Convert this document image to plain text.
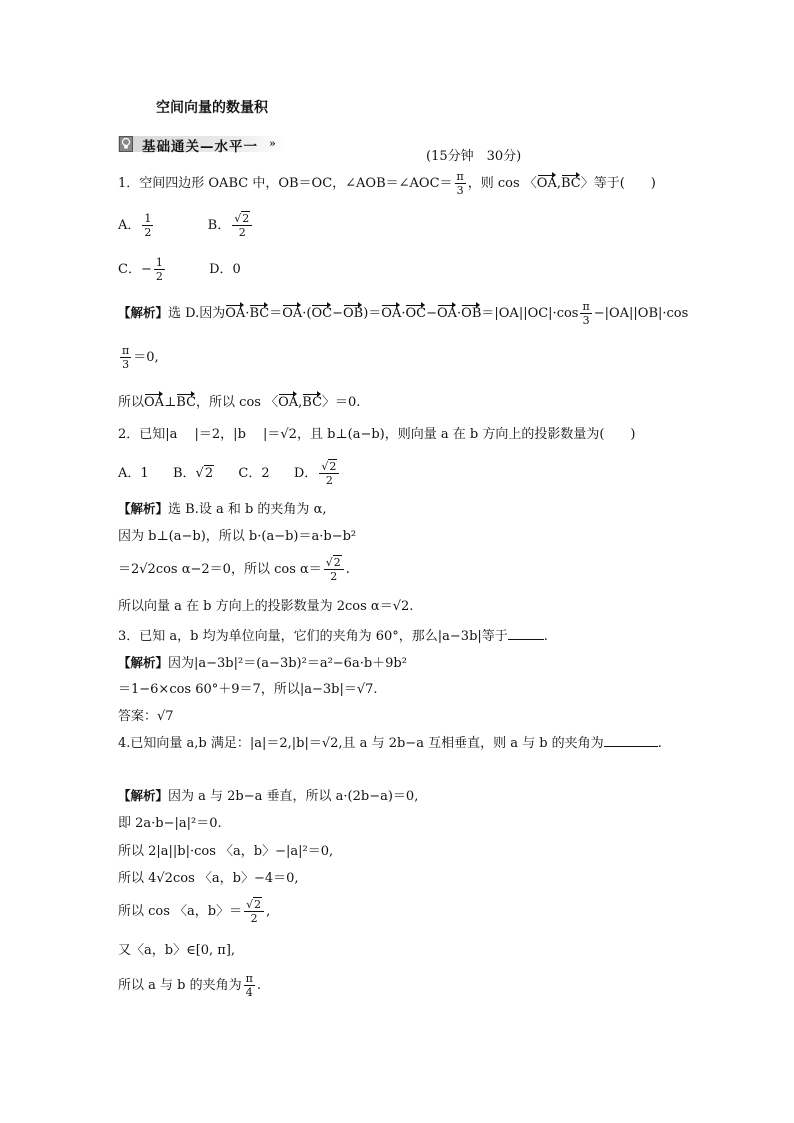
空间向量的数量积
基础通关—水平一 »
(15分钟　30分)
1．空间四边形 OABC 中，OB＝OC，∠AOB＝∠AOC＝ $\frac{\pi}{3}$ ，则 cos 〈OA,BC〉等于(　　)
A． $\frac{1}{2}$	B． $\frac{√2}{2}$
C．− $\frac{1}{2}$	D．0
【解析】选 D.因为$OA\cdot BC=OA\cdot(OC-OB)=OA\cdot OC-OA\cdot OB=|OA||OC|\cdot\cos \frac{\pi}{3} -|OA||OB|\cdot\cos$
$\frac{\pi}{3} =0$,
所以OA⊥BC，所以 cos 〈OA,BC〉＝0.
2．已知|a　 |＝2，|b　 |＝√2，且 b⊥(a−b)，则向量 a 在 b 方向上的投影数量为(　　)
A．1 B．√2 C．2 D． $\frac{√2}{2}$
【解析】选 B.设 a 和 b 的夹角为 α,
因为 b⊥(a−b)，所以 b·(a−b)＝a·b−b²
＝2√2cos α−2＝0，所以 $\cos \alpha= \frac{√2}{2}$ .
所以向量 a 在 b 方向上的投影数量为 2cos α＝√2.
3．已知 a，b 均为单位向量，它们的夹角为 60°，那么|a−3b|等于	.
【解析】因为|a−3b|²＝(a−3b)²＝a²−6a·b＋9b²
＝1−6×cos 60°＋9＝7，所以|a−3b|＝√7.
答案：√7
4.已知向量 a,b 满足：|a|＝2,|b|＝√2,且 a 与 2b−a 互相垂直，则 a 与 b 的夹角为	.
【解析】因为 a 与 2b−a 垂直，所以 a·(2b−a)＝0,
即 2a·b−|a|²＝0.
所以 2|a||b|·cos 〈a，b〉−|a|²＝0,
所以 4√2cos 〈a，b〉−4＝0,
所以 cos 〈a，b〉＝ $\frac{√2}{2}$ ,
又〈a，b〉∈[0, π],
所以 a 与 b 的夹角为 $\frac{\pi}{4}$ .
